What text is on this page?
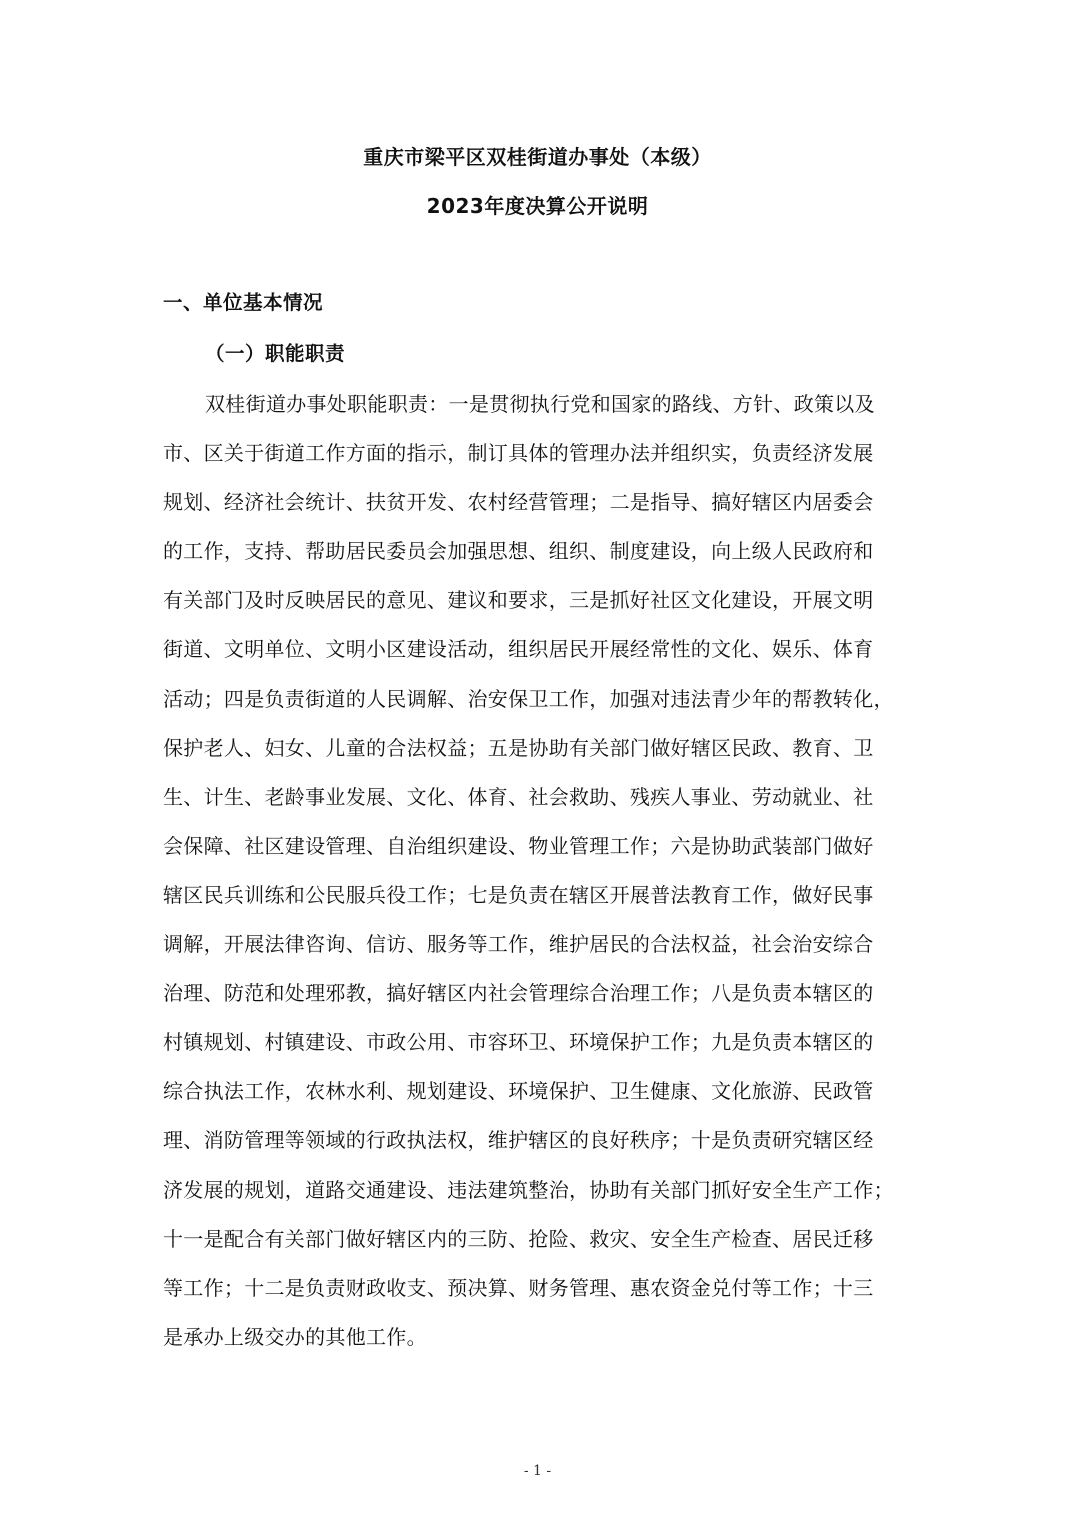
重庆市梁平区双桂街道办事处（本级）
2023年度决算公开说明
一、单位基本情况
（一）职能职责
双桂街道办事处职能职责：一是贯彻执行党和国家的路线、方针、政策以及
市、区关于街道工作方面的指示，制订具体的管理办法并组织实，负责经济发展
规划、经济社会统计、扶贫开发、农村经营管理；二是指导、搞好辖区内居委会
的工作，支持、帮助居民委员会加强思想、组织、制度建设，向上级人民政府和
有关部门及时反映居民的意见、建议和要求，三是抓好社区文化建设，开展文明
街道、文明单位、文明小区建设活动，组织居民开展经常性的文化、娱乐、体育
活动；四是负责街道的人民调解、治安保卫工作，加强对违法青少年的帮教转化，
保护老人、妇女、儿童的合法权益；五是协助有关部门做好辖区民政、教育、卫
生、计生、老龄事业发展、文化、体育、社会救助、残疾人事业、劳动就业、社
会保障、社区建设管理、自治组织建设、物业管理工作；六是协助武装部门做好
辖区民兵训练和公民服兵役工作；七是负责在辖区开展普法教育工作，做好民事
调解，开展法律咨询、信访、服务等工作，维护居民的合法权益，社会治安综合
治理、防范和处理邪教，搞好辖区内社会管理综合治理工作；八是负责本辖区的
村镇规划、村镇建设、市政公用、市容环卫、环境保护工作；九是负责本辖区的
综合执法工作，农林水利、规划建设、环境保护、卫生健康、文化旅游、民政管
理、消防管理等领域的行政执法权，维护辖区的良好秩序；十是负责研究辖区经
济发展的规划，道路交通建设、违法建筑整治，协助有关部门抓好安全生产工作；
十一是配合有关部门做好辖区内的三防、抢险、救灾、安全生产检查、居民迁移
等工作；十二是负责财政收支、预决算、财务管理、惠农资金兑付等工作；十三
是承办上级交办的其他工作。
- 1 -
